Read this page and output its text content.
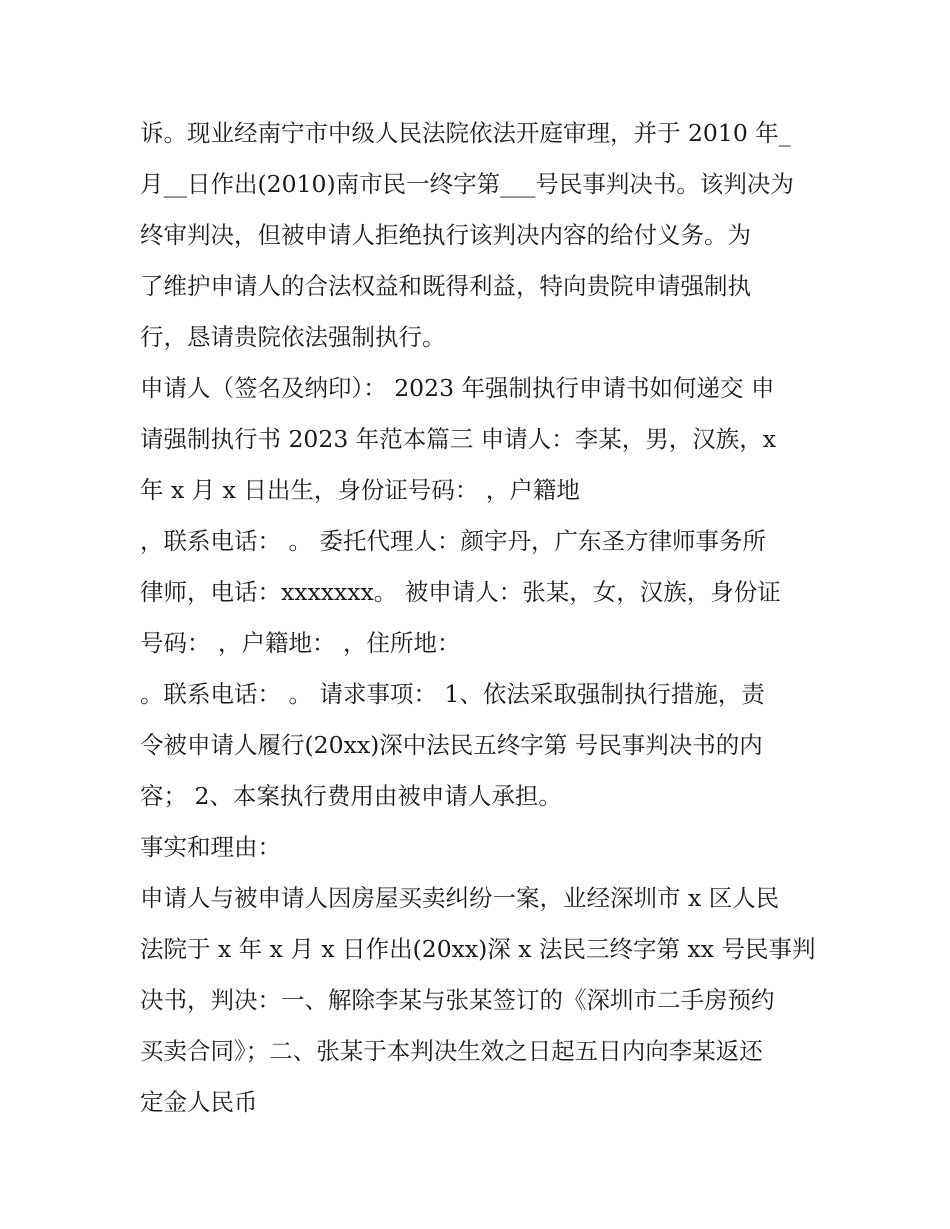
诉。现业经南宁市中级人民法院依法开庭审理，并于 2010 年_
月__日作出(2010)南市民一终字第___号民事判决书。该判决为
终审判决，但被申请人拒绝执行该判决内容的给付义务。为
了维护申请人的合法权益和既得利益，特向贵院申请强制执
行，恳请贵院依法强制执行。
申请人（签名及纳印）： 2023 年强制执行申请书如何递交 申
请强制执行书 2023 年范本篇三 申请人：李某，男，汉族，x
年 x 月 x 日出生，身份证号码： ，户籍地
，联系电话： 。 委托代理人：颜宇丹，广东圣方律师事务所
律师，电话：xxxxxxx。 被申请人：张某，女，汉族，身份证
号码： ，户籍地： ，住所地：
。联系电话： 。 请求事项： 1、依法采取强制执行措施，责
令被申请人履行(20xx)深中法民五终字第 号民事判决书的内
容； 2、本案执行费用由被申请人承担。
事实和理由：
申请人与被申请人因房屋买卖纠纷一案，业经深圳市 x 区人民
法院于 x 年 x 月 x 日作出(20xx)深 x 法民三终字第 xx 号民事判
决书，判决：一、解除李某与张某签订的《深圳市二手房预约
买卖合同》；二、张某于本判决生效之日起五日内向李某返还
定金人民币
